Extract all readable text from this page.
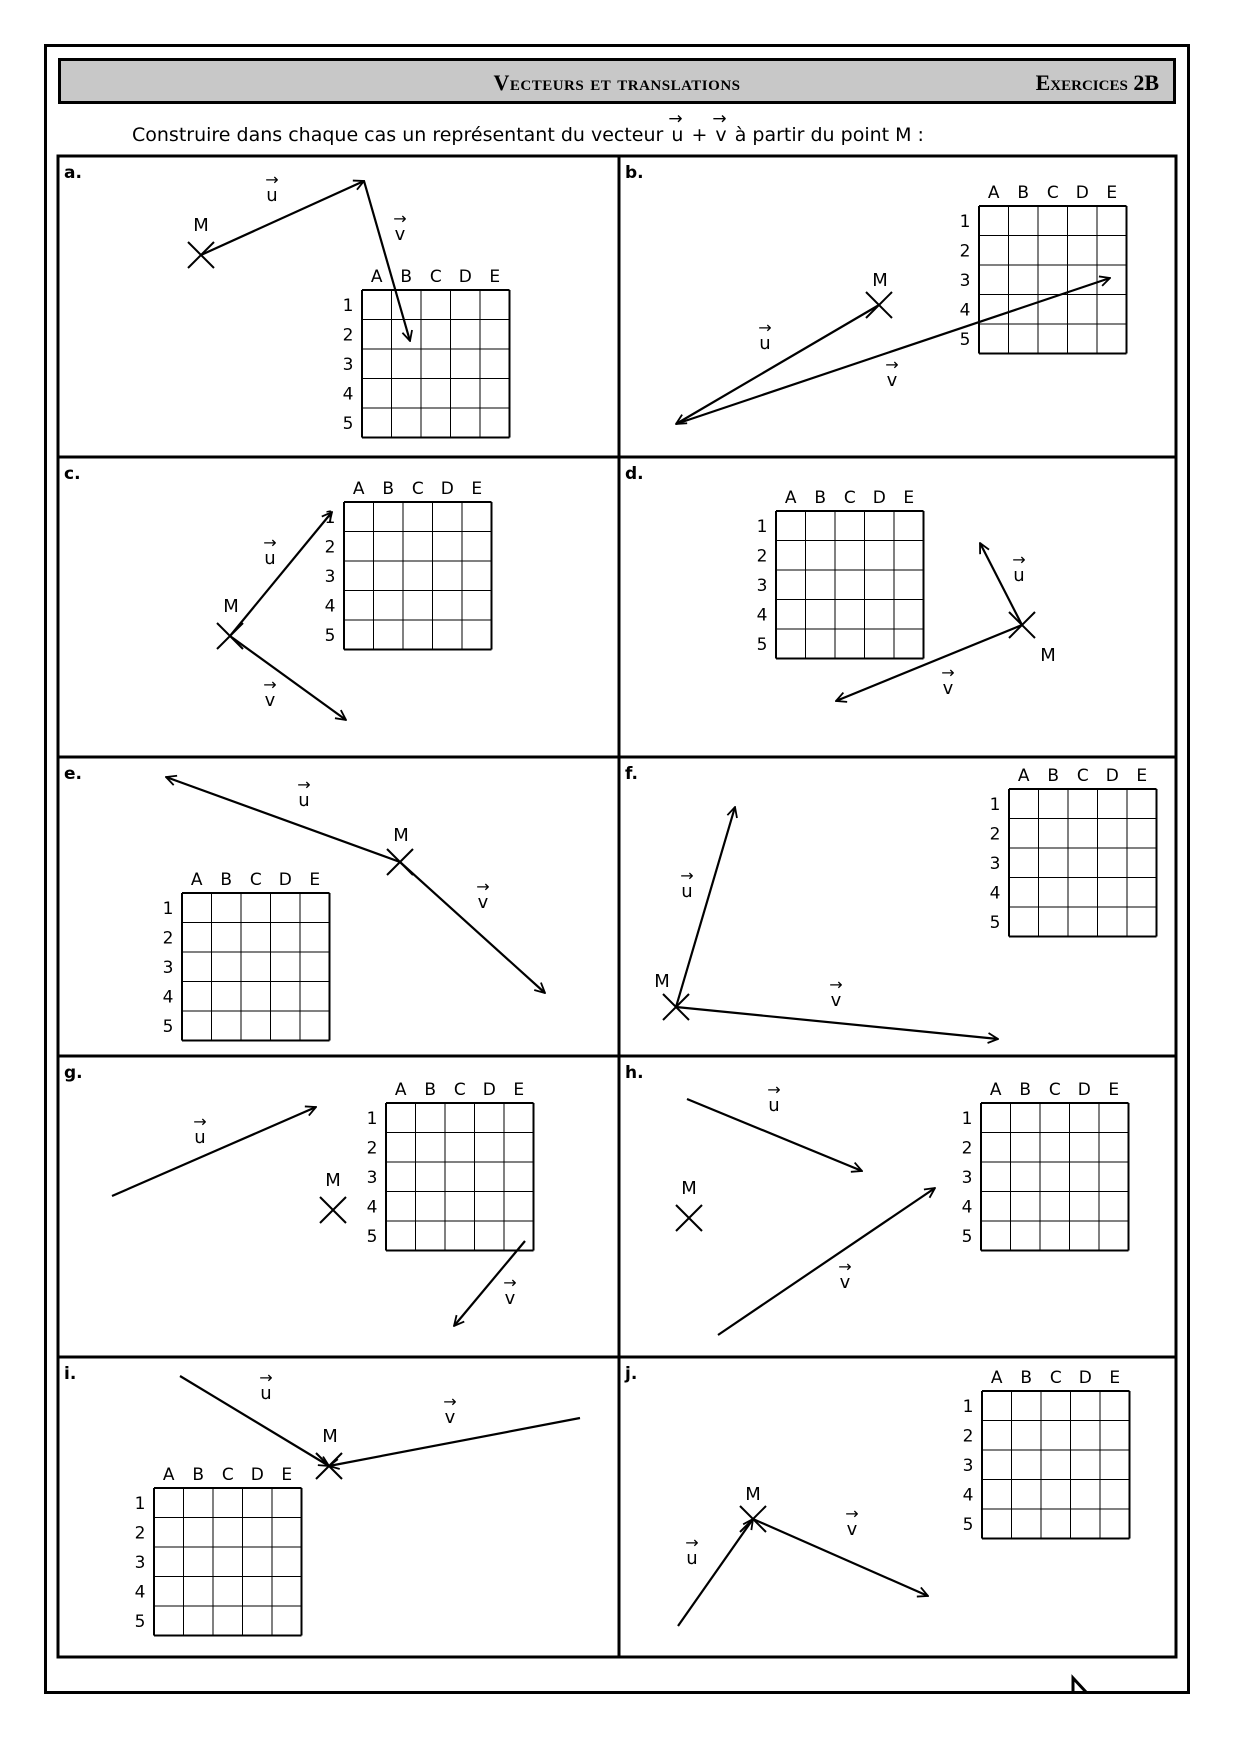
Vecteurs et translations	Exercices 2B
Construire dans chaque cas un représentant du vecteur → u + → v à partir du point M :
a.	b.
c.	d.
e.	f.
g.	h.
i.	j.
A B C D E
1
2
3
4
5
M
→
u
→
v
A B C D E
1
2
3
4
5
M
→
u
→
v
A B C D E
1
2
3
4
5
M
→
u
→
v
A B C D E
1
2
3
4
5
M
→
u
→
v
A B C D E
1
2
3
4
5
M
→
u
→
v
A B C D E
1
2
3
4
5
M
→
u
→
v
A B C D E
1
2
3
4
5
M
→
u
→
v
A B C D E
1
2
3
4
5
M
→
u
→
v
A B C D E
1
2
3
4
5
M
→
u	→
v
A B C D E
1
2
3
4
5
M
→
u
→
v
